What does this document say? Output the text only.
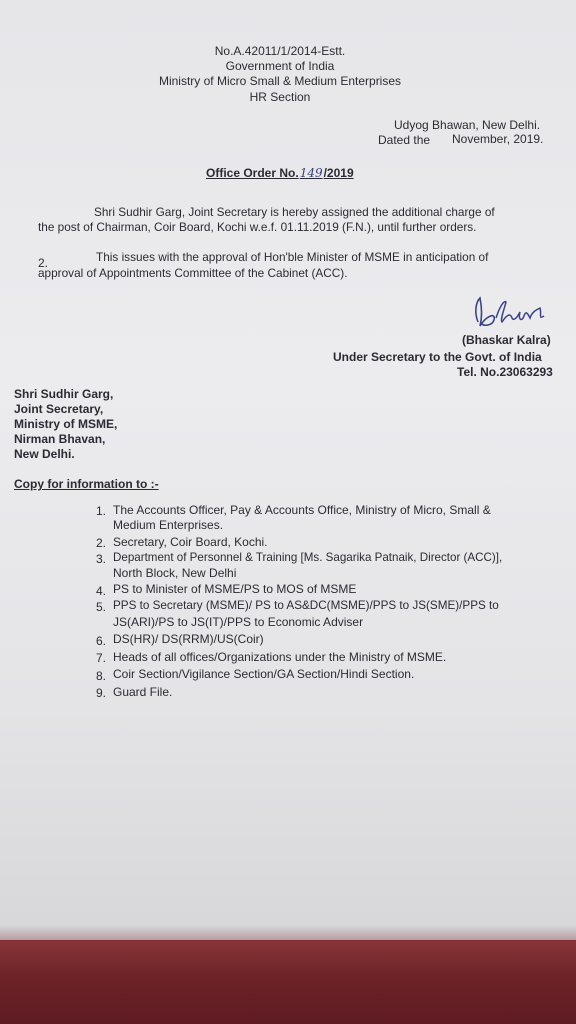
No.A.42011/1/2014-Estt.
Government of India
Ministry of Micro Small & Medium Enterprises
HR Section
Udyog Bhawan, New Delhi.
Dated the November, 2019.
Office Order No.149/2019
Shri Sudhir Garg, Joint Secretary is hereby assigned the additional charge of
the post of Chairman, Coir Board, Kochi w.e.f. 01.11.2019 (F.N.), until further orders.
2.	This issues with the approval of Hon'ble Minister of MSME in anticipation of
approval of Appointments Committee of the Cabinet (ACC).
(Bhaskar Kalra)
Under Secretary to the Govt. of India
Tel. No.23063293
Shri Sudhir Garg,
Joint Secretary,
Ministry of MSME,
Nirman Bhavan,
New Delhi.
Copy for information to :-
1. The Accounts Officer, Pay & Accounts Office, Ministry of Micro, Small &
Medium Enterprises.
2. Secretary, Coir Board, Kochi.
3. Department of Personnel & Training [Ms. Sagarika Patnaik, Director (ACC)],
North Block, New Delhi
4. PS to Minister of MSME/PS to MOS of MSME
5. PPS to Secretary (MSME)/ PS to AS&DC(MSME)/PPS to JS(SME)/PPS to
JS(ARI)/PS to JS(IT)/PPS to Economic Adviser
6. DS(HR)/ DS(RRM)/US(Coir)
7. Heads of all offices/Organizations under the Ministry of MSME.
8. Coir Section/Vigilance Section/GA Section/Hindi Section.
9. Guard File.
